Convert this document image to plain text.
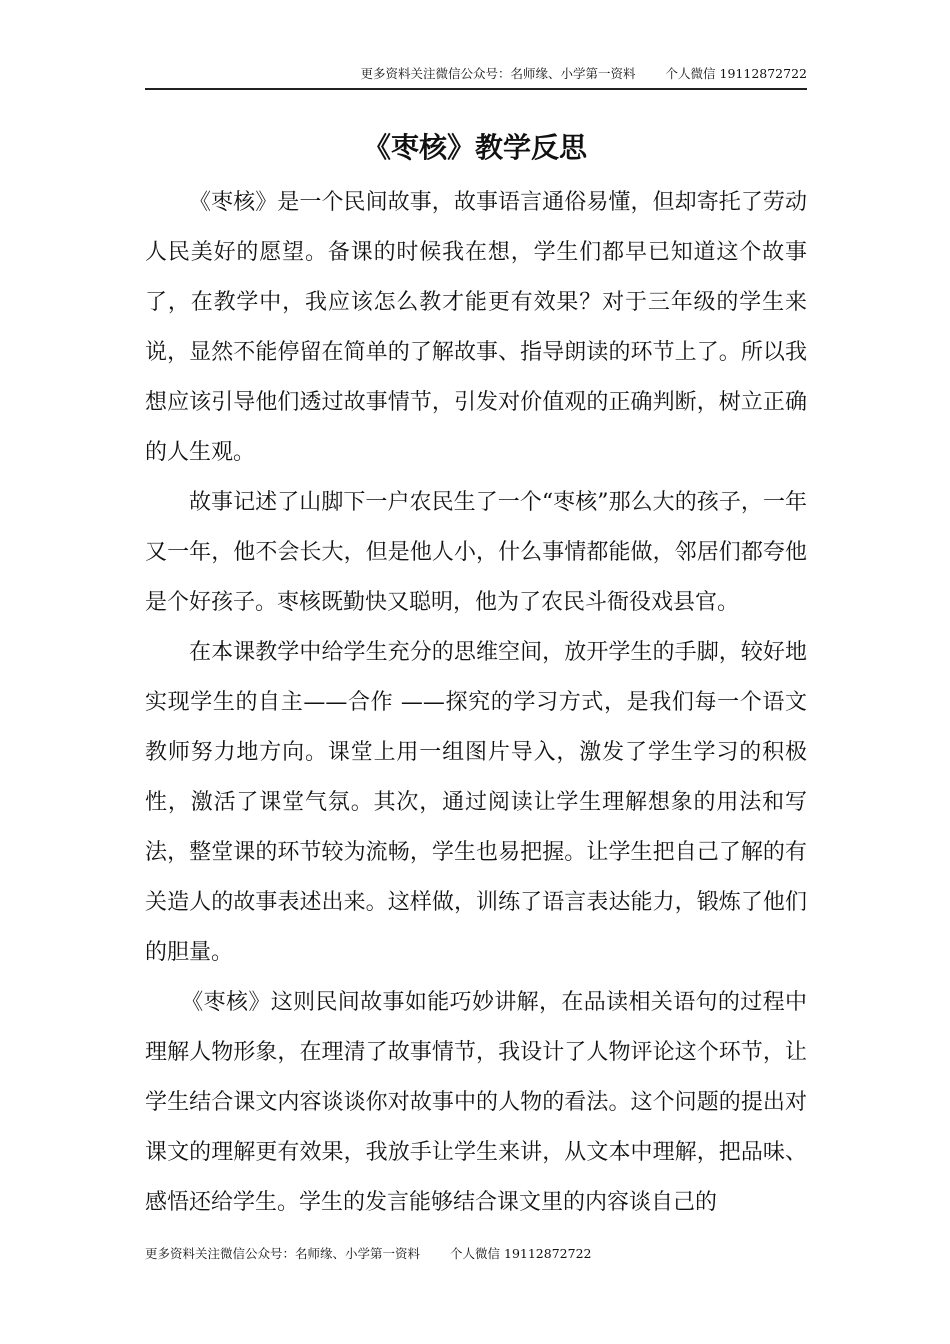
更多资料关注微信公众号：名师缘、小学第一资料 个人微信 19112872722
《枣核》教学反思

《枣核》是一个民间故事，故事语言通俗易懂，但却寄托了劳动人民美好的愿望。备课的时候我在想，学生们都早已知道这个故事了，在教学中，我应该怎么教才能更有效果？对于三年级的学生来说，显然不能停留在简单的了解故事、指导朗读的环节上了。所以我想应该引导他们透过故事情节，引发对价值观的正确判断，树立正确的人生观。

故事记述了山脚下一户农民生了一个“枣核”那么大的孩子，一年又一年，他不会长大，但是他人小，什么事情都能做，邻居们都夸他是个好孩子。枣核既勤快又聪明，他为了农民斗衙役戏县官。

在本课教学中给学生充分的思维空间，放开学生的手脚，较好地实现学生的自主——合作 ——探究的学习方式，是我们每一个语文教师努力地方向。课堂上用一组图片导入，激发了学生学习的积极性，激活了课堂气氛。其次，通过阅读让学生理解想象的用法和写法，整堂课的环节较为流畅，学生也易把握。让学生把自己了解的有关造人的故事表述出来。这样做，训练了语言表达能力，锻炼了他们的胆量。

《枣核》这则民间故事如能巧妙讲解，在品读相关语句的过程中理解人物形象，在理清了故事情节，我设计了人物评论这个环节，让学生结合课文内容谈谈你对故事中的人物的看法。这个问题的提出对课文的理解更有效果，我放手让学生来讲，从文本中理解，把品味、感悟还给学生。学生的发言能够结合课文里的内容谈自己的

更多资料关注微信公众号：名师缘、小学第一资料 个人微信 19112872722
